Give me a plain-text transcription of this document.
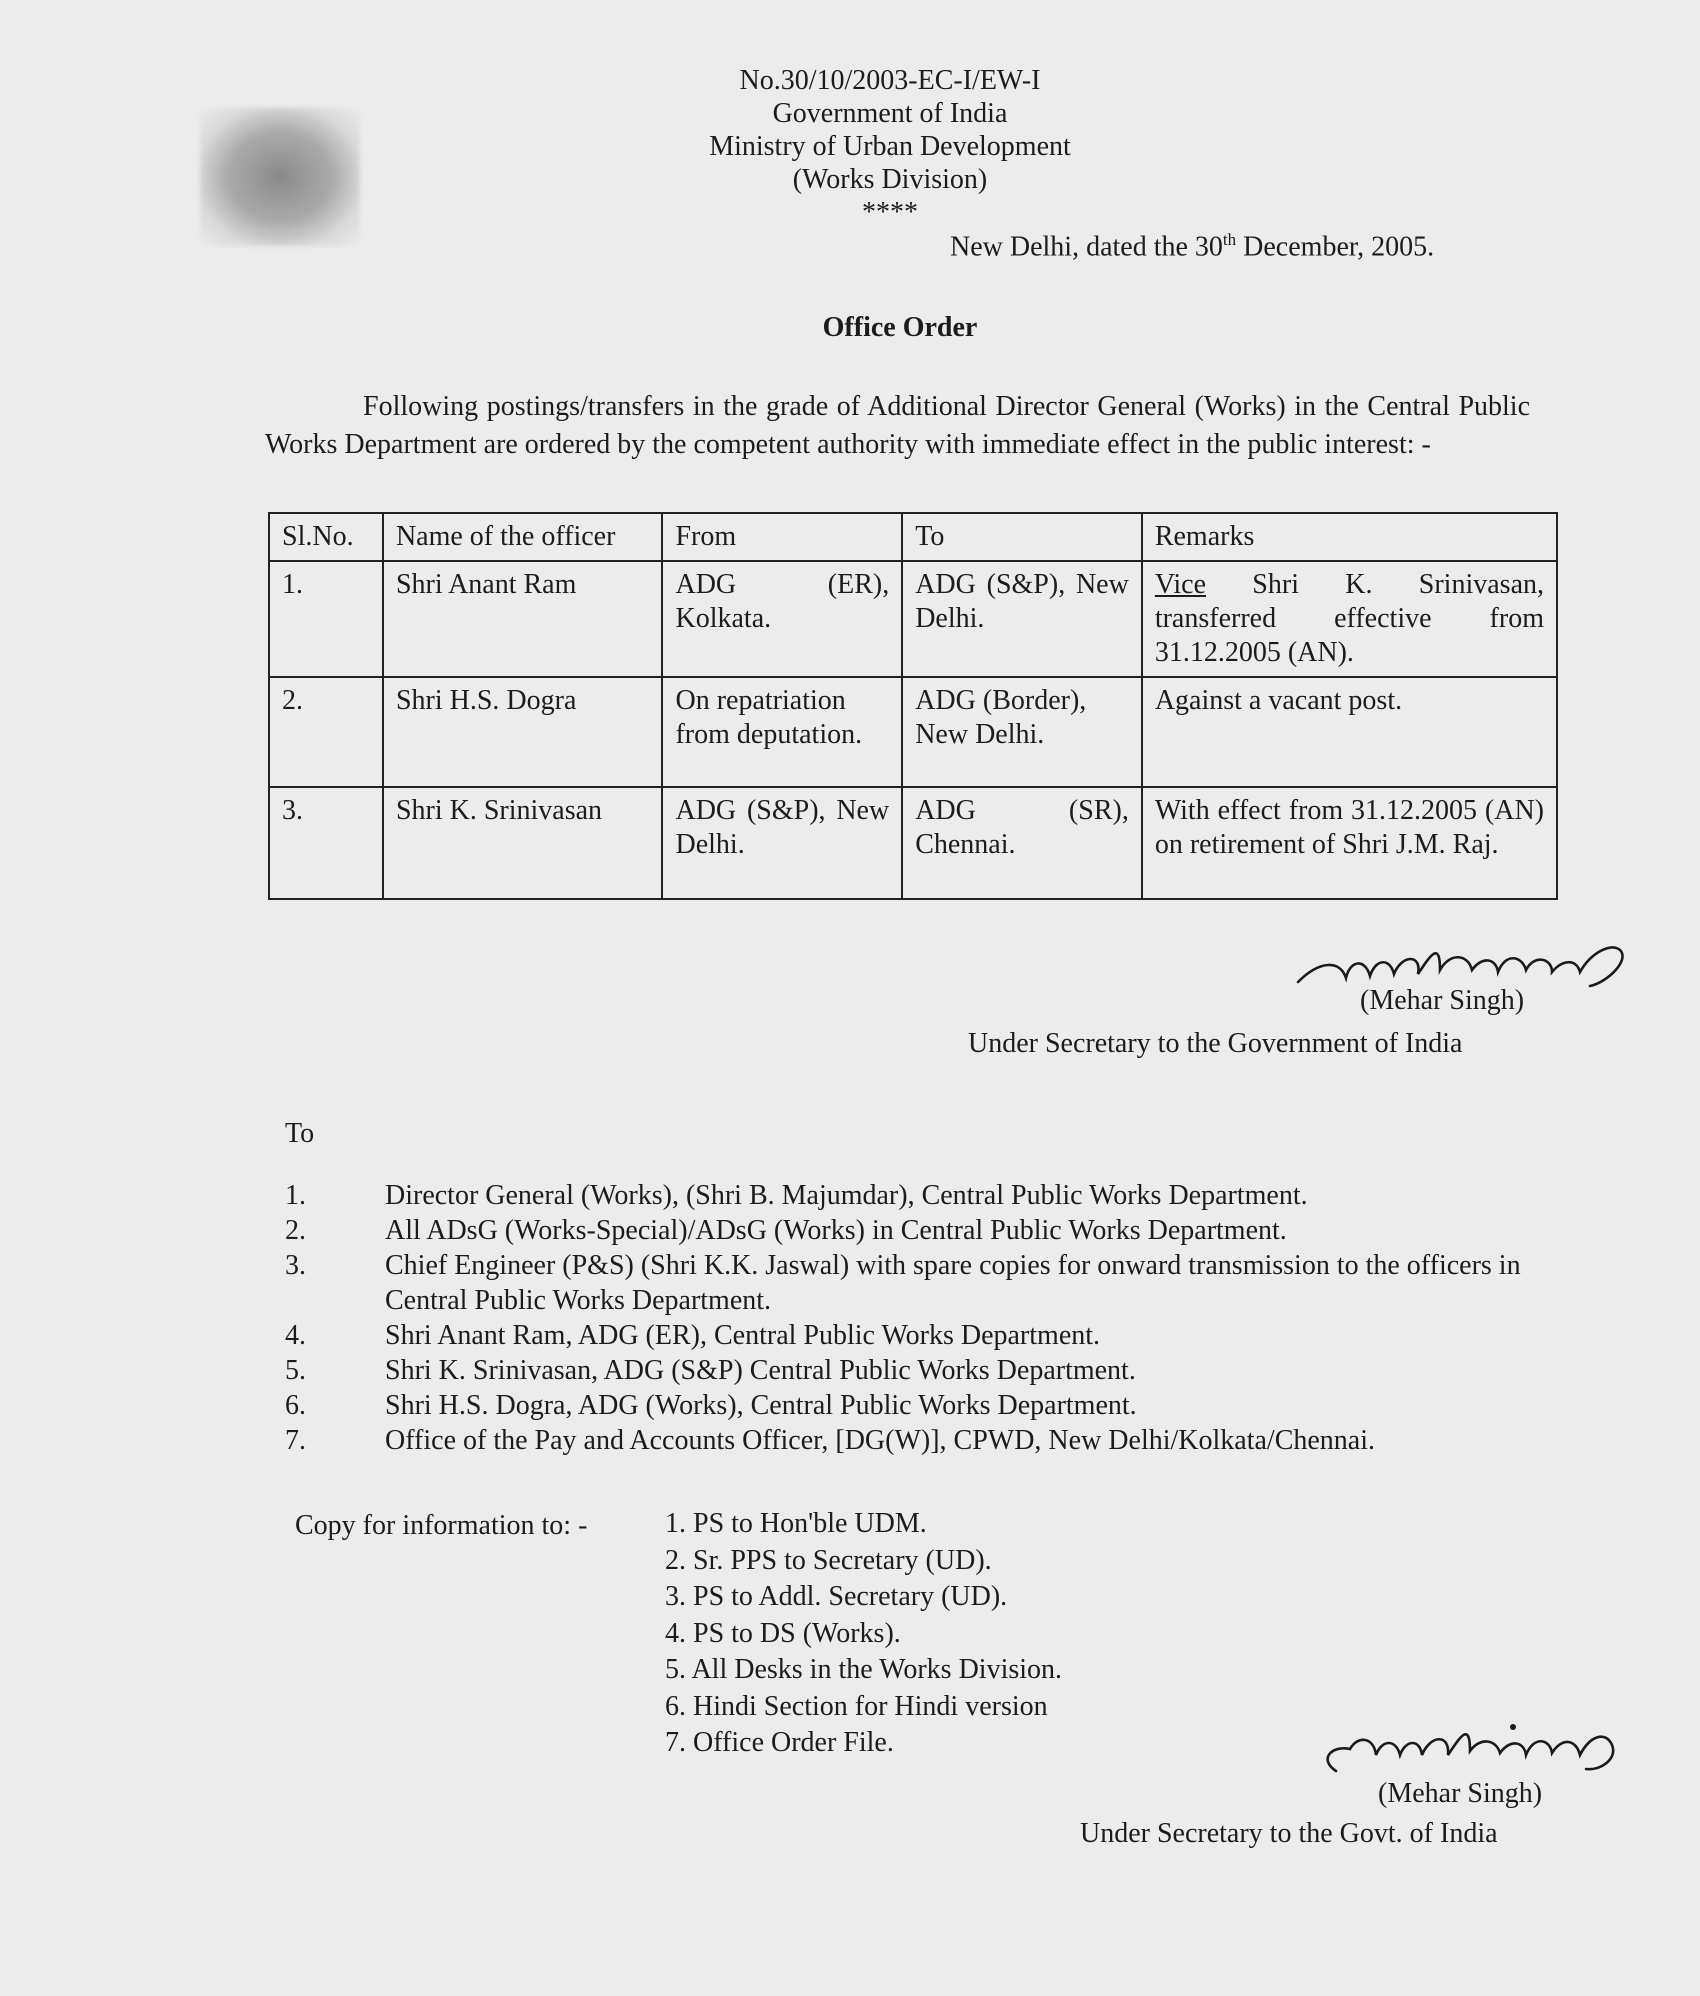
No.30/10/2003-EC-I/EW-I
Government of India
Ministry of Urban Development
(Works Division)
****
New Delhi, dated the 30th December, 2005.
Office Order
Following postings/transfers in the grade of Additional Director General (Works) in the Central Public Works Department are ordered by the competent authority with immediate effect in the public interest: -
Sl.No.	Name of the officer	From	To	Remarks
1.	Shri Anant Ram	ADG (ER), Kolkata.	ADG (S&P), New Delhi.	Vice Shri K. Srinivasan, transferred effective from 31.12.2005 (AN).
2.	Shri H.S. Dogra	On repatriation from deputation.	ADG (Border), New Delhi.	Against a vacant post.
3.	Shri K. Srinivasan	ADG (S&P), New Delhi.	ADG (SR), Chennai.	With effect from 31.12.2005 (AN) on retirement of Shri J.M. Raj.
(Mehar Singh)
Under Secretary to the Government of India
To
1.	Director General (Works), (Shri B. Majumdar), Central Public Works Department.
2.	All ADsG (Works-Special)/ADsG (Works) in Central Public Works Department.
3.	Chief Engineer (P&S) (Shri K.K. Jaswal) with spare copies for onward transmission to the officers in Central Public Works Department.
4.	Shri Anant Ram, ADG (ER), Central Public Works Department.
5.	Shri K. Srinivasan, ADG (S&P) Central Public Works Department.
6.	Shri H.S. Dogra, ADG (Works), Central Public Works Department.
7.	Office of the Pay and Accounts Officer, [DG(W)], CPWD, New Delhi/Kolkata/Chennai.
Copy for information to: -	1. PS to Hon'ble UDM.
2. Sr. PPS to Secretary (UD).
3. PS to Addl. Secretary (UD).
4. PS to DS (Works).
5. All Desks in the Works Division.
6. Hindi Section for Hindi version
7. Office Order File.
(Mehar Singh)
Under Secretary to the Govt. of India
